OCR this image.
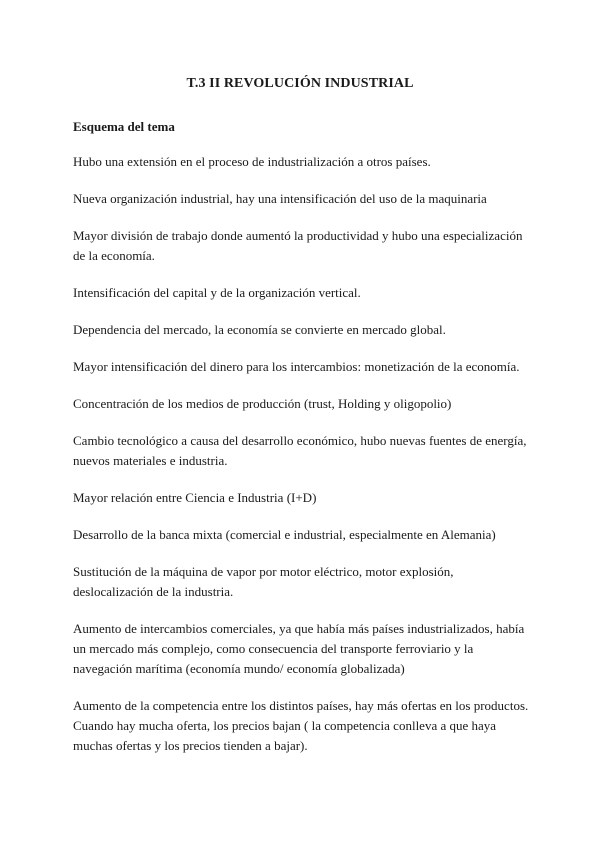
T.3 II REVOLUCIÓN INDUSTRIAL
Esquema del tema

Hubo una extensión en el proceso de industrialización a otros países.

Nueva organización industrial, hay una intensificación del uso de la maquinaria

Mayor división de trabajo donde aumentó la productividad y hubo una especialización de la economía.

Intensificación del capital y de la organización vertical.

Dependencia del mercado, la economía se convierte en mercado global.

Mayor intensificación del dinero para los intercambios: monetización de la economía.

Concentración de los medios de producción (trust, Holding y oligopolio)

Cambio tecnológico a causa del desarrollo económico, hubo nuevas fuentes de energía, nuevos materiales e industria.

Mayor relación entre Ciencia e Industria (I+D)

Desarrollo de la banca mixta (comercial e industrial, especialmente en Alemania)

Sustitución de la máquina de vapor por motor eléctrico, motor explosión, deslocalización de la industria.

Aumento de intercambios comerciales, ya que había más países industrializados, había un mercado más complejo, como consecuencia del transporte ferroviario y la navegación marítima (economía mundo/ economía globalizada)

Aumento de la competencia entre los distintos países, hay más ofertas en los productos. Cuando hay mucha oferta, los precios bajan ( la competencia conlleva a que haya muchas ofertas y los precios tienden a bajar).
